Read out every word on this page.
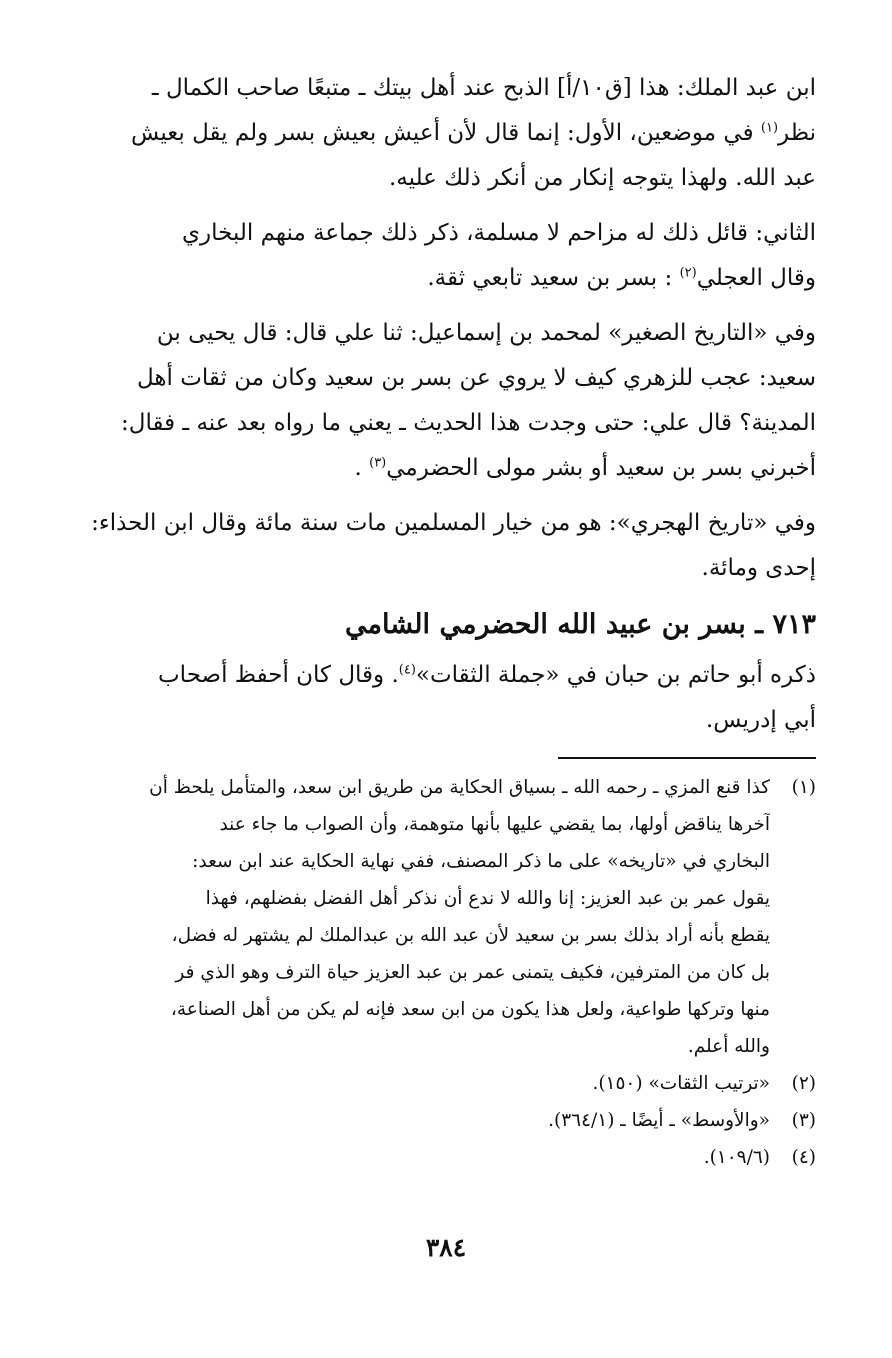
ابن عبد الملك: هذا [ق١٠/أ] الذبح عند أهل بيتك ـ متبعًا صاحب الكمال ـ
نظر$^{(١)}$ في موضعين، الأول: إنما قال لأن أعيش بعيش بسر ولم يقل بعيش
عبد الله. ولهذا يتوجه إنكار من أنكر ذلك عليه.

الثاني: قائل ذلك له مزاحم لا مسلمة، ذكر ذلك جماعة منهم البخاري
وقال العجلي$^{(٢)}$ : بسر بن سعيد تابعي ثقة.

وفي «التاريخ الصغير» لمحمد بن إسماعيل: ثنا علي قال: قال يحيى بن
سعيد: عجب للزهري كيف لا يروي عن بسر بن سعيد وكان من ثقات أهل
المدينة؟ قال علي: حتى وجدت هذا الحديث ـ يعني ما رواه بعد عنه ـ فقال:
أخبرني بسر بن سعيد أو بشر مولى الحضرمي$^{(٣)}$ .

وفي «تاريخ الهجري»: هو من خيار المسلمين مات سنة مائة وقال ابن الحذاء:
إحدى ومائة.

٧١٣ ـ بسر بن عبيد الله الحضرمي الشامي

ذكره أبو حاتم بن حبان في «جملة الثقات»$^{(٤)}$. وقال كان أحفظ أصحاب
أبي إدريس.

(١)
كذا قنع المزي ـ رحمه الله ـ بسياق الحكاية من طريق ابن سعد، والمتأمل يلحظ أن
آخرها يناقض أولها، بما يقضي عليها بأنها متوهمة، وأن الصواب ما جاء عند
البخاري في «تاريخه» على ما ذكر المصنف، ففي نهاية الحكاية عند ابن سعد:
يقول عمر بن عبد العزيز: إنا والله لا ندع أن نذكر أهل الفضل بفضلهم، فهذا
يقطع بأنه أراد بذلك بسر بن سعيد لأن عبد الله بن عبدالملك لم يشتهر له فضل،
بل كان من المترفين، فكيف يتمنى عمر بن عبد العزيز حياة الترف وهو الذي فر
منها وتركها طواعية، ولعل هذا يكون من ابن سعد فإنه لم يكن من أهل الصناعة،
والله أعلم.
(٢)
«ترتيب الثقات» (١٥٠).
(٣)
«والأوسط» ـ أيضًا ـ (٣٦٤/١).
(٤)
(١٠٩/٦).
٣٨٤
